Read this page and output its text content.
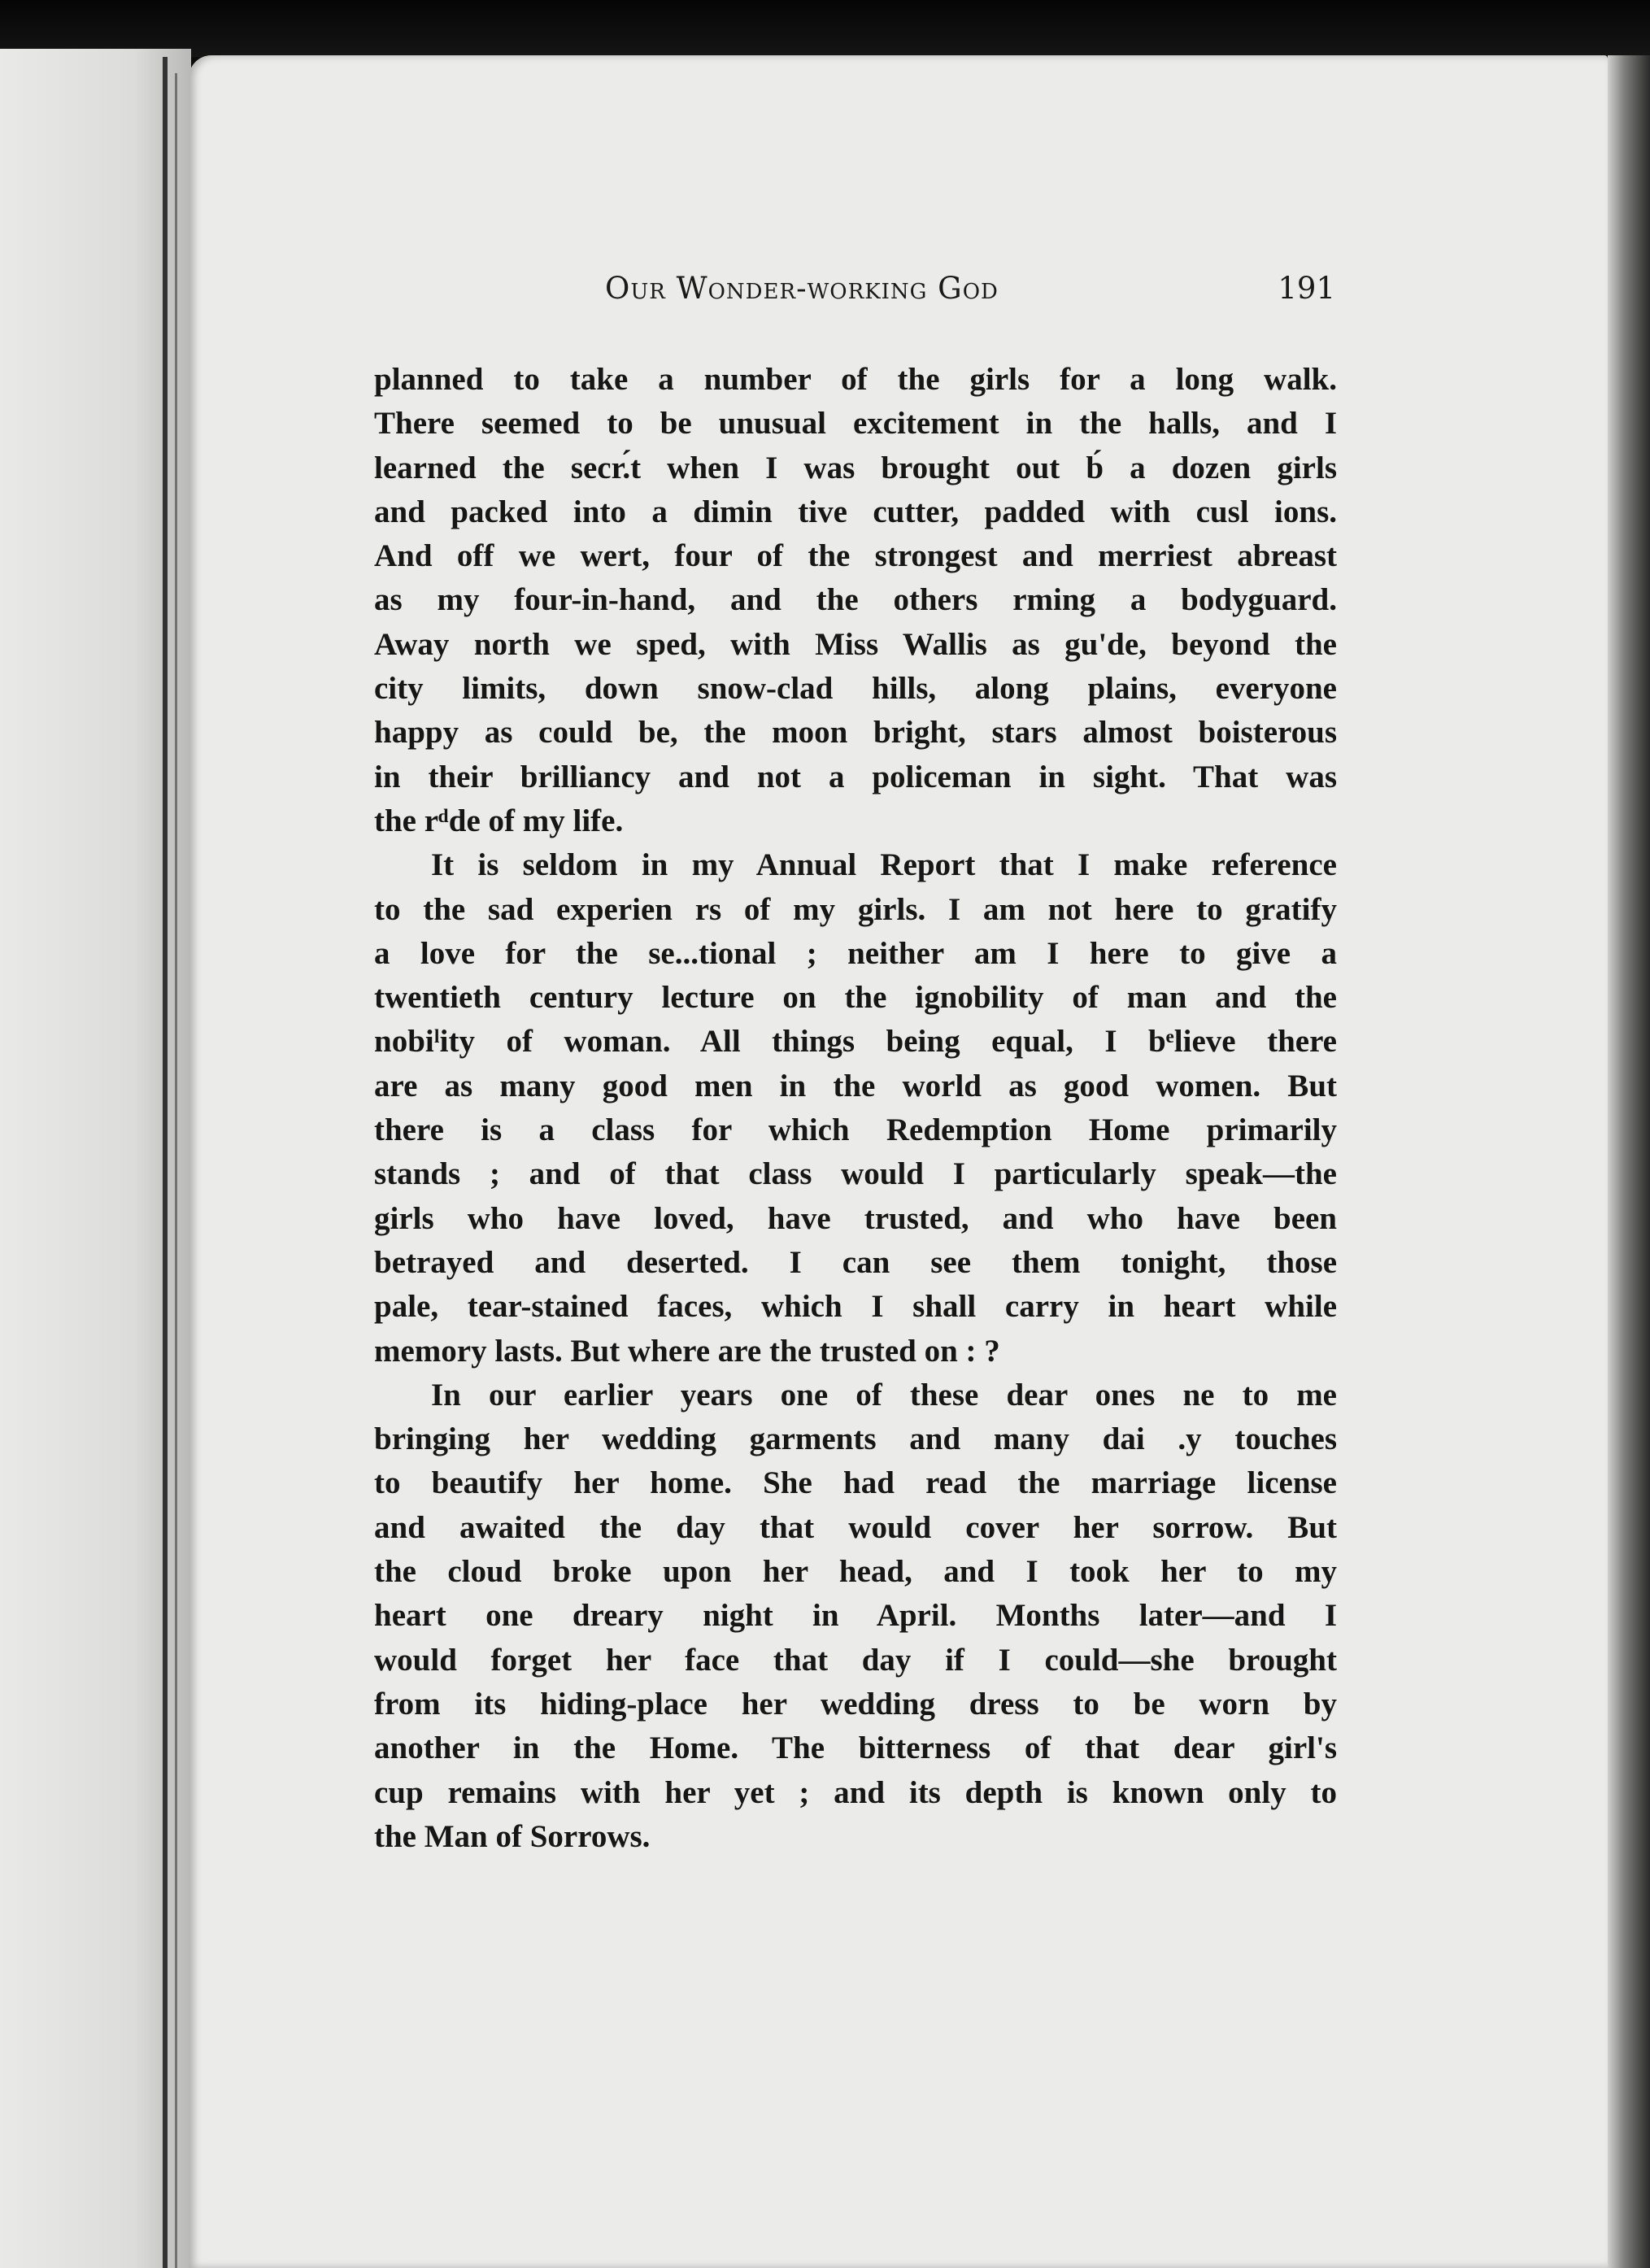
Our Wonder-working God	191
planned to take a number of the girls for a long walk.
There seemed to be unusual excitement in the halls, and I
learned the secr.́t when I was brought out b́ a dozen girls
and packed into a dimin tive cutter, padded with cusl ions.
And off we wert, four of the strongest and merriest abreast
as my four-in-hand, and the others rming a bodyguard.
Away north we sped, with Miss Wallis as gu'de, beyond the
city limits, down snow-clad hills, along plains, everyone
happy as could be, the moon bright, stars almost boisterous
in their brilliancy and not a policeman in sight. That was
the rᵈde of my life.
It is seldom in my Annual Report that I make reference
to the sad experien rs of my girls. I am not here to gratify
a love for the se...tional ; neither am I here to give a
twentieth century lecture on the ignobility of man and the
nobiˡity of woman. All things being equal, I bᵉlieve there
are as many good men in the world as good women. But
there is a class for which Redemption Home primarily
stands ; and of that class would I particularly speak—the
girls who have loved, have trusted, and who have been
betrayed and deserted. I can see them tonight, those
pale, tear-stained faces, which I shall carry in heart while
memory lasts. But where are the trusted on : ?
In our earlier years one of these dear ones ne to me
bringing her wedding garments and many dai .y touches
to beautify her home. She had read the marriage license
and awaited the day that would cover her sorrow. But
the cloud broke upon her head, and I took her to my
heart one dreary night in April. Months later—and I
would forget her face that day if I could—she brought
from its hiding-place her wedding dress to be worn by
another in the Home. The bitterness of that dear girl's
cup remains with her yet ; and its depth is known only to
the Man of Sorrows.
